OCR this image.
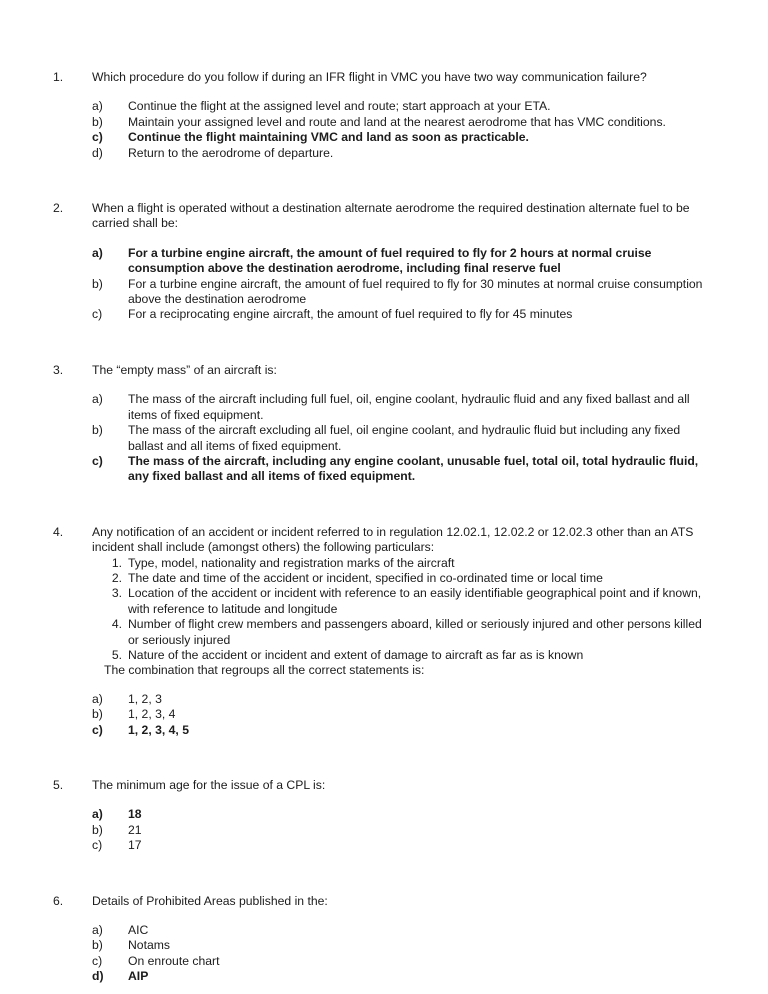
1.	Which procedure do you follow if during an IFR flight in VMC you have two way communication failure?
a)	Continue the flight at the assigned level and route; start approach at your ETA.
b)	Maintain your assigned level and route and land at the nearest aerodrome that has VMC conditions.
c)	Continue the flight maintaining VMC and land as soon as practicable.
d)	Return to the aerodrome of departure.
2.	When a flight is operated without a destination alternate aerodrome the required destination alternate fuel to be carried shall be:
a)	For a turbine engine aircraft, the amount of fuel required to fly for 2 hours at normal cruise consumption above the destination aerodrome, including final reserve fuel
b)	For a turbine engine aircraft, the amount of fuel required to fly for 30 minutes at normal cruise consumption above the destination aerodrome
c)	For a reciprocating engine aircraft, the amount of fuel required to fly for 45 minutes
3.	The “empty mass” of an aircraft is:
a)	The mass of the aircraft including full fuel, oil, engine coolant, hydraulic fluid and any fixed ballast and all items of fixed equipment.
b)	The mass of the aircraft excluding all fuel, oil engine coolant, and hydraulic fluid but including any fixed ballast and all items of fixed equipment.
c)	The mass of the aircraft, including any engine coolant, unusable fuel, total oil, total hydraulic fluid, any fixed ballast and all items of fixed equipment.
4.	Any notification of an accident or incident referred to in regulation 12.02.1, 12.02.2 or 12.02.3 other than an ATS incident shall include (amongst others) the following particulars:
1. Type, model, nationality and registration marks of the aircraft
2. The date and time of the accident or incident, specified in co-ordinated time or local time
3. Location of the accident or incident with reference to an easily identifiable geographical point and if known, with reference to latitude and longitude
4. Number of flight crew members and passengers aboard, killed or seriously injured and other persons killed or seriously injured
5. Nature of the accident or incident and extent of damage to aircraft as far as is known
The combination that regroups all the correct statements is:
a)	1, 2, 3
b)	1, 2, 3, 4
c)	1, 2, 3, 4, 5
5.	The minimum age for the issue of a CPL is:
a)	18
b)	21
c)	17
6.	Details of Prohibited Areas published in the:
a)	AIC
b)	Notams
c)	On enroute chart
d)	AIP
